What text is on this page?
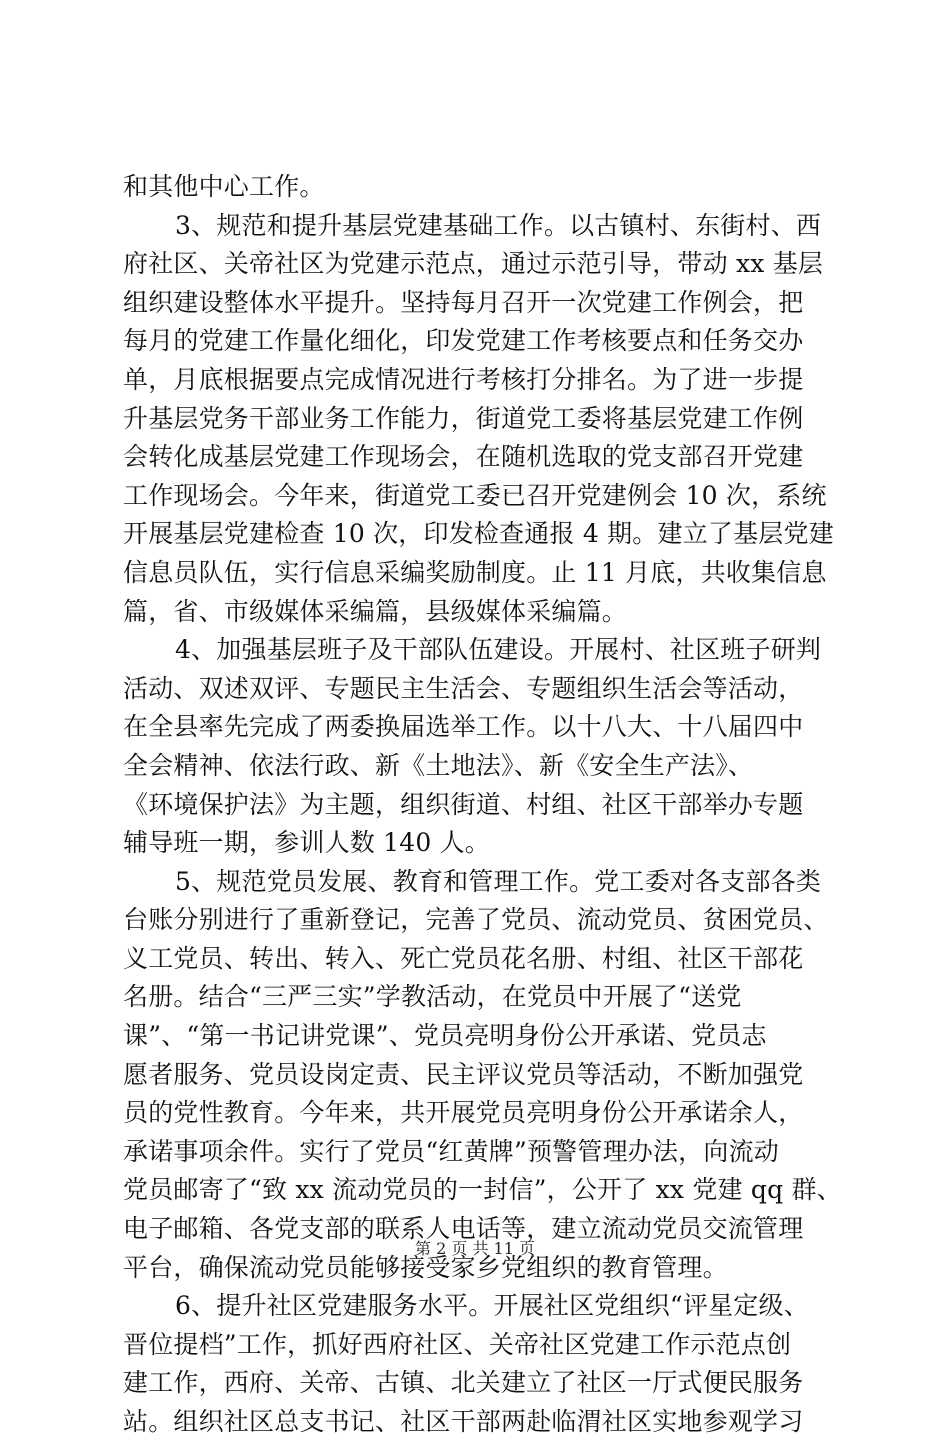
和其他中心工作。
3、规范和提升基层党建基础工作。以古镇村、东街村、西
府社区、关帝社区为党建示范点，通过示范引导，带动 xx 基层
组织建设整体水平提升。坚持每月召开一次党建工作例会，把
每月的党建工作量化细化，印发党建工作考核要点和任务交办
单，月底根据要点完成情况进行考核打分排名。为了进一步提
升基层党务干部业务工作能力，街道党工委将基层党建工作例
会转化成基层党建工作现场会，在随机选取的党支部召开党建
工作现场会。今年来，街道党工委已召开党建例会 10 次，系统
开展基层党建检查 10 次，印发检查通报 4 期。建立了基层党建
信息员队伍，实行信息采编奖励制度。止 11 月底，共收集信息
篇，省、市级媒体采编篇，县级媒体采编篇。
4、加强基层班子及干部队伍建设。开展村、社区班子研判
活动、双述双评、专题民主生活会、专题组织生活会等活动，
在全县率先完成了两委换届选举工作。以十八大、十八届四中
全会精神、依法行政、新《土地法》、新《安全生产法》、
《环境保护法》为主题，组织街道、村组、社区干部举办专题
辅导班一期，参训人数 140 人。
5、规范党员发展、教育和管理工作。党工委对各支部各类
台账分别进行了重新登记，完善了党员、流动党员、贫困党员、
义工党员、转出、转入、死亡党员花名册、村组、社区干部花
名册。结合“三严三实”学教活动，在党员中开展了“送党
课”、“第一书记讲党课”、党员亮明身份公开承诺、党员志
愿者服务、党员设岗定责、民主评议党员等活动，不断加强党
员的党性教育。今年来，共开展党员亮明身份公开承诺余人，
承诺事项余件。实行了党员“红黄牌”预警管理办法，向流动
党员邮寄了“致 xx 流动党员的一封信”，公开了 xx 党建 qq 群、
电子邮箱、各党支部的联系人电话等，建立流动党员交流管理
平台，确保流动党员能够接受家乡党组织的教育管理。
6、提升社区党建服务水平。开展社区党组织“评星定级、
晋位提档”工作，抓好西府社区、关帝社区党建工作示范点创
建工作，西府、关帝、古镇、北关建立了社区一厅式便民服务
站。组织社区总支书记、社区干部两赴临渭社区实地参观学习
第 2 页 共 11 页
